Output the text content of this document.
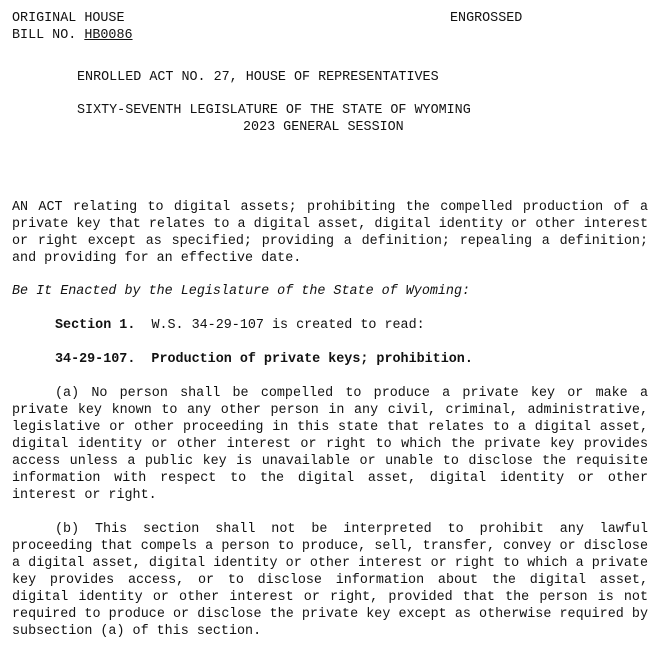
ORIGINAL HOUSE	ENGROSSED
BILL NO. HB0086
ENROLLED ACT NO. 27, HOUSE OF REPRESENTATIVES
SIXTY-SEVENTH LEGISLATURE OF THE STATE OF WYOMING
2023 GENERAL SESSION

AN ACT relating to digital assets; prohibiting the compelled production of a private key that relates to a digital asset, digital identity or other interest or right except as specified; providing a definition; repealing a definition; and providing for an effective date.

Be It Enacted by the Legislature of the State of Wyoming:
Section 1. W.S. 34-29-107 is created to read:
34-29-107.  Production of private keys; prohibition.

(a) No person shall be compelled to produce a private key or make a private key known to any other person in any civil, criminal, administrative, legislative or other proceeding in this state that relates to a digital asset, digital identity or other interest or right to which the private key provides access unless a public key is unavailable or unable to disclose the requisite information with respect to the digital asset, digital identity or other interest or right.

(b) This section shall not be interpreted to prohibit any lawful proceeding that compels a person to produce, sell, transfer, convey or disclose a digital asset, digital identity or other interest or right to which a private key provides access, or to disclose information about the digital asset, digital identity or other interest or right, provided that the person is not required to produce or disclose the private key except as otherwise required by subsection (a) of this section.
